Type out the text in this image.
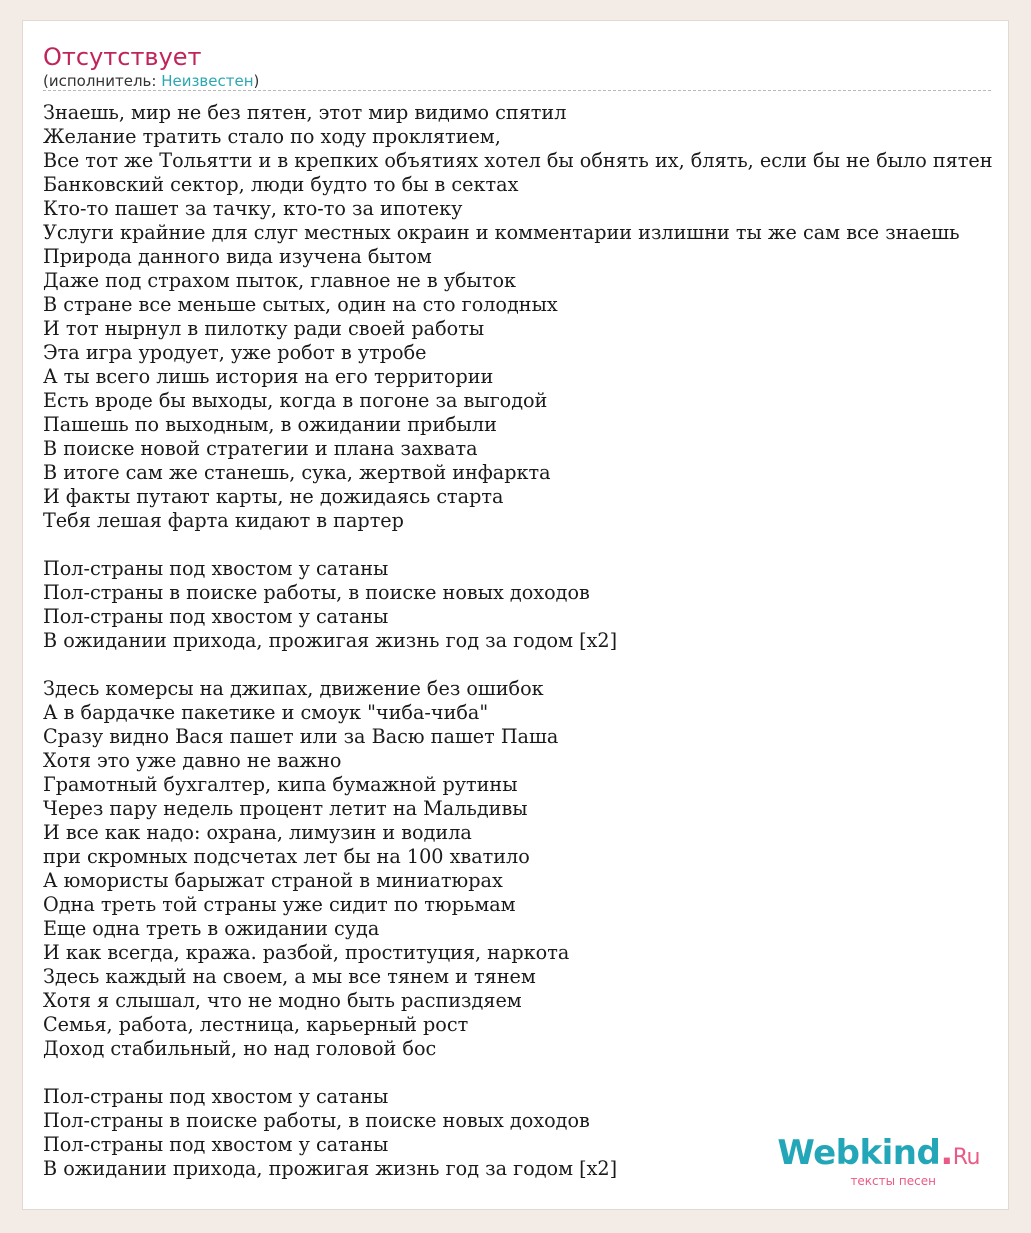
Отсутствует
(исполнитель: Неизвестен)
Знаешь, мир не без пятен, этот мир видимо спятил
Желание тратить стало по ходу проклятием,
Все тот же Тольятти и в крепких объятиях хотел бы обнять их, блять, если бы не было пятен
Банковский сектор, люди будто то бы в сектах
Кто-то пашет за тачку, кто-то за ипотеку
Услуги крайние для слуг местных окраин и комментарии излишни ты же сам все знаешь
Природа данного вида изучена бытом
Даже под страхом пыток, главное не в убыток
В стране все меньше сытых, один на сто голодных
И тот нырнул в пилотку ради своей работы
Эта игра уродует, уже робот в утробе
А ты всего лишь история на его территории
Есть вроде бы выходы, когда в погоне за выгодой
Пашешь по выходным, в ожидании прибыли
В поиске новой стратегии и плана захвата
В итоге сам же станешь, сука, жертвой инфаркта
И факты путают карты, не дожидаясь старта
Тебя лешая фарта кидают в партер
Пол-страны под хвостом у сатаны
Пол-страны в поиске работы, в поиске новых доходов
Пол-страны под хвостом у сатаны
В ожидании прихода, прожигая жизнь год за годом [x2]
Здесь комерсы на джипах, движение без ошибок
А в бардачке пакетике и смоук "чиба-чиба"
Сразу видно Вася пашет или за Васю пашет Паша
Хотя это уже давно не важно
Грамотный бухгалтер, кипа бумажной рутины
Через пару недель процент летит на Мальдивы
И все как надо: охрана, лимузин и водила
при скромных подсчетах лет бы на 100 хватило
А юмористы барыжат страной в миниатюрах
Одна треть той страны уже сидит по тюрьмам
Еще одна треть в ожидании суда
И как всегда, кража. разбой, проституция, наркота
Здесь каждый на своем, а мы все тянем и тянем
Хотя я слышал, что не модно быть распиздяем
Семья, работа, лестница, карьерный рост
Доход стабильный, но над головой бос
Пол-страны под хвостом у сатаны
Пол-страны в поиске работы, в поиске новых доходов
Пол-страны под хвостом у сатаны
В ожидании прихода, прожигая жизнь год за годом [x2]	Webkind.Ru
тексты песен
